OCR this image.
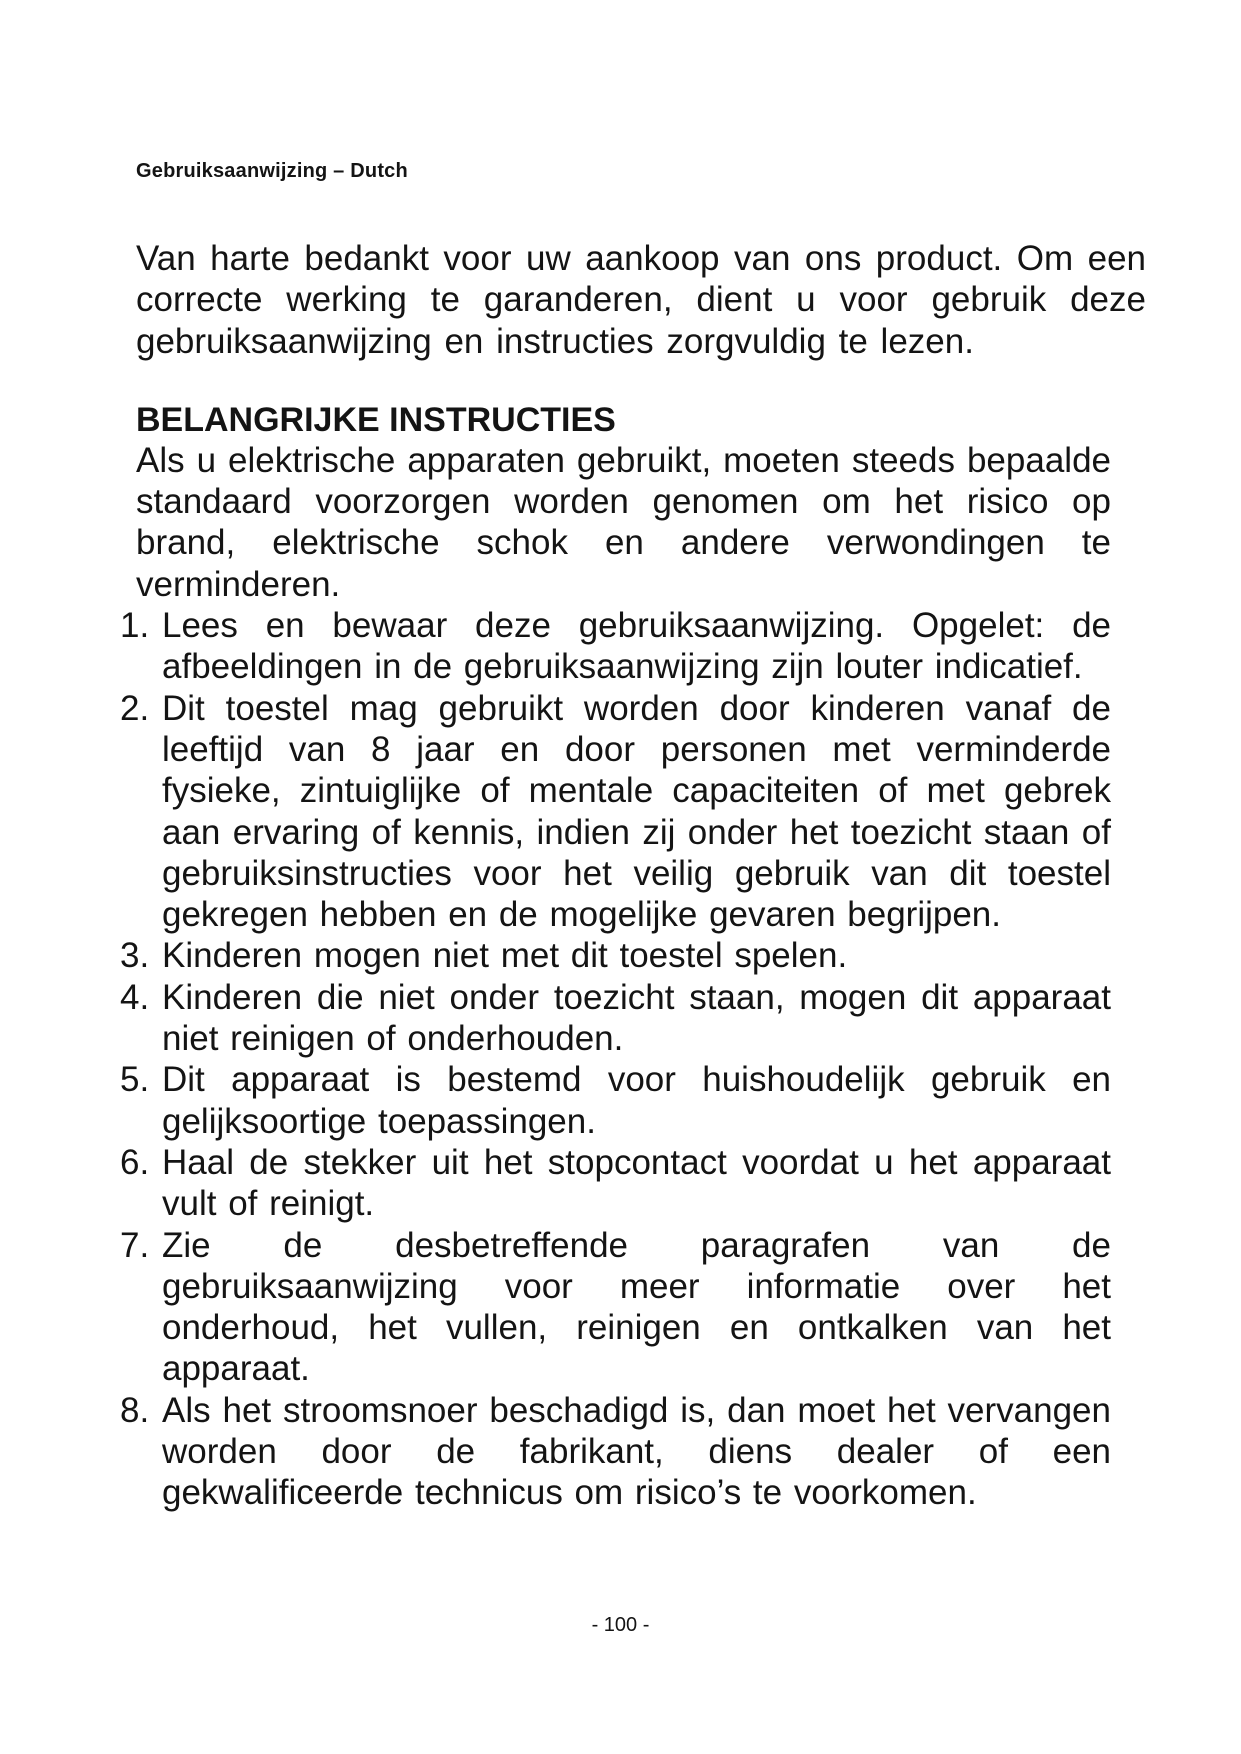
Gebruiksaanwijzing – Dutch

Van harte bedankt voor uw aankoop van ons product. Om een correcte werking te garanderen, dient u voor gebruik deze gebruiksaanwijzing en instructies zorgvuldig te lezen.

BELANGRIJKE INSTRUCTIES

Als u elektrische apparaten gebruikt, moeten steeds bepaalde standaard voorzorgen worden genomen om het risico op brand, elektrische schok en andere verwondingen te verminderen.

1. Lees en bewaar deze gebruiksaanwijzing. Opgelet: de afbeeldingen in de gebruiksaanwijzing zijn louter indicatief.
2. Dit toestel mag gebruikt worden door kinderen vanaf de leeftijd van 8 jaar en door personen met verminderde fysieke, zintuiglijke of mentale capaciteiten of met gebrek aan ervaring of kennis, indien zij onder het toezicht staan of gebruiksinstructies voor het veilig gebruik van dit toestel gekregen hebben en de mogelijke gevaren begrijpen.
3. Kinderen mogen niet met dit toestel spelen.
4. Kinderen die niet onder toezicht staan, mogen dit apparaat niet reinigen of onderhouden.
5. Dit apparaat is bestemd voor huishoudelijk gebruik en gelijksoortige toepassingen.
6. Haal de stekker uit het stopcontact voordat u het apparaat vult of reinigt.
7. Zie de desbetreffende paragrafen van de gebruiksaanwijzing voor meer informatie over het onderhoud, het vullen, reinigen en ontkalken van het apparaat.
8. Als het stroomsnoer beschadigd is, dan moet het vervangen worden door de fabrikant, diens dealer of een gekwalificeerde technicus om risico’s te voorkomen.
- 100 -
